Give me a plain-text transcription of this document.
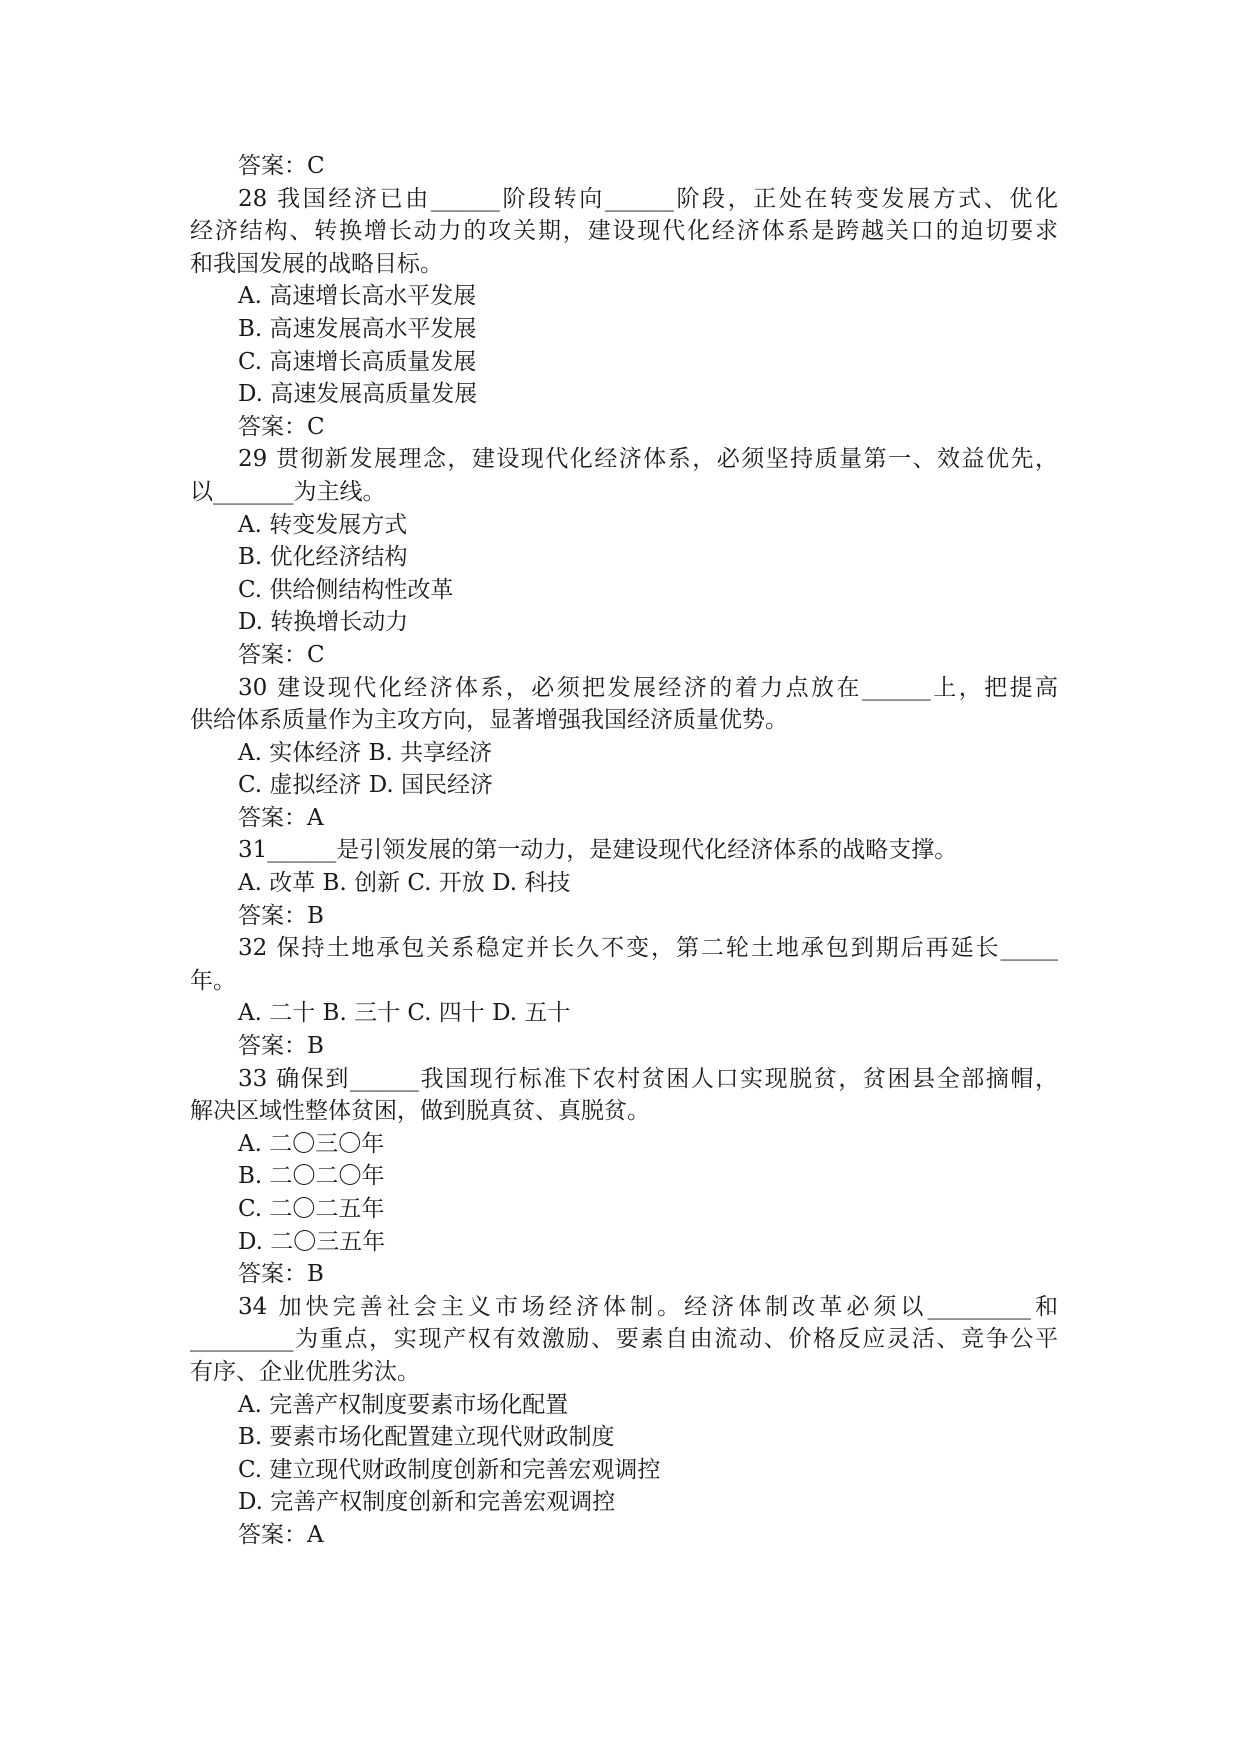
答案：C
28 我国经济已由______阶段转向______阶段，正处在转变发展方式、优化
经济结构、转换增长动力的攻关期，建设现代化经济体系是跨越关口的迫切要求
和我国发展的战略目标。
A. 高速增长高水平发展
B. 高速发展高水平发展
C. 高速增长高质量发展
D. 高速发展高质量发展
答案：C
29 贯彻新发展理念，建设现代化经济体系，必须坚持质量第一、效益优先，
以_______为主线。
A. 转变发展方式
B. 优化经济结构
C. 供给侧结构性改革
D. 转换增长动力
答案：C
30 建设现代化经济体系，必须把发展经济的着力点放在______上，把提高
供给体系质量作为主攻方向，显著增强我国经济质量优势。
A. 实体经济 B. 共享经济
C. 虚拟经济 D. 国民经济
答案：A
31______是引领发展的第一动力，是建设现代化经济体系的战略支撑。
A. 改革 B. 创新 C. 开放 D. 科技
答案：B
32 保持土地承包关系稳定并长久不变，第二轮土地承包到期后再延长_____
年。
A. 二十 B. 三十 C. 四十 D. 五十
答案：B
33 确保到______我国现行标准下农村贫困人口实现脱贫，贫困县全部摘帽，
解决区域性整体贫困，做到脱真贫、真脱贫。
A. 二〇三〇年
B. 二〇二〇年
C. 二〇二五年
D. 二〇三五年
答案：B
34 加快完善社会主义市场经济体制。经济体制改革必须以_________和
_________为重点，实现产权有效激励、要素自由流动、价格反应灵活、竞争公平
有序、企业优胜劣汰。
A. 完善产权制度要素市场化配置
B. 要素市场化配置建立现代财政制度
C. 建立现代财政制度创新和完善宏观调控
D. 完善产权制度创新和完善宏观调控
答案：A
